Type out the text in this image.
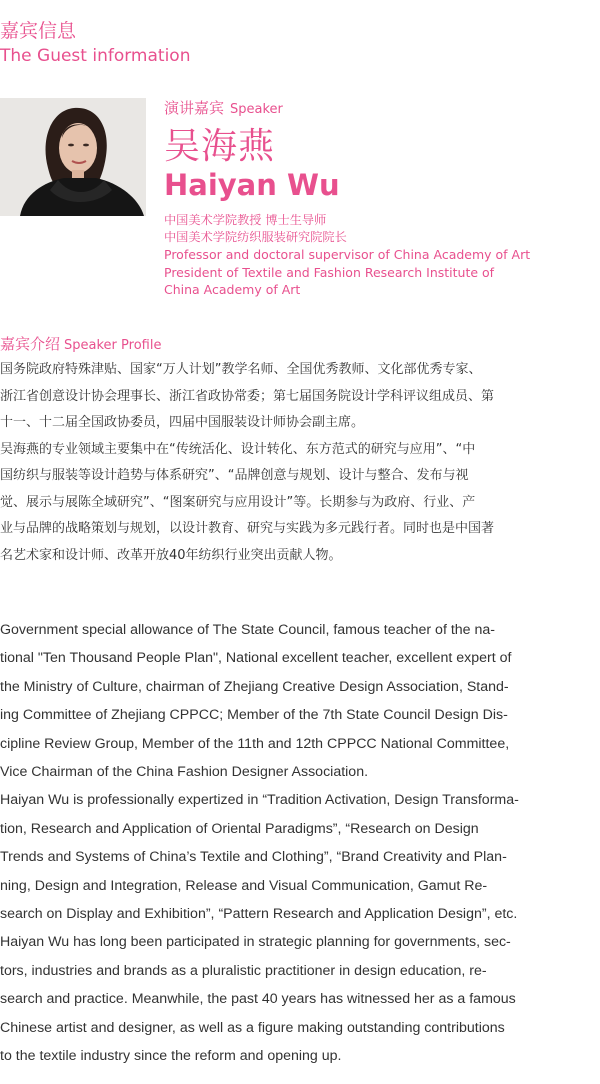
嘉宾信息
The Guest information
演讲嘉宾 Speaker
吴海燕
Haiyan Wu
中国美术学院教授 博士生导师
中国美术学院纺织服装研究院院长
Professor and doctoral supervisor of China Academy of Art
President of Textile and Fashion Research Institute of
China Academy of Art
嘉宾介绍 Speaker Profile
国务院政府特殊津贴、国家“万人计划”教学名师、全国优秀教师、文化部优秀专家、
浙江省创意设计协会理事长、浙江省政协常委；第七届国务院设计学科评议组成员、第
十一、十二届全国政协委员，四届中国服装设计师协会副主席。
吴海燕的专业领域主要集中在“传统活化、设计转化、东方范式的研究与应用”、“中
国纺织与服装等设计趋势与体系研究”、“品牌创意与规划、设计与整合、发布与视
觉、展示与展陈全域研究”、“图案研究与应用设计”等。长期参与为政府、行业、产
业与品牌的战略策划与规划，以设计教育、研究与实践为多元践行者。同时也是中国著
名艺术家和设计师、改革开放40年纺织行业突出贡献人物。
Government special allowance of The State Council, famous teacher of the na-
tional "Ten Thousand People Plan", National excellent teacher, excellent expert of
the Ministry of Culture, chairman of Zhejiang Creative Design Association, Stand-
ing Committee of Zhejiang CPPCC; Member of the 7th State Council Design Dis-
cipline Review Group, Member of the 11th and 12th CPPCC National Committee,
Vice Chairman of the China Fashion Designer Association.
Haiyan Wu is professionally expertized in “Tradition Activation, Design Transforma-
tion, Research and Application of Oriental Paradigms”, “Research on Design
Trends and Systems of China’s Textile and Clothing”, “Brand Creativity and Plan-
ning, Design and Integration, Release and Visual Communication, Gamut Re-
search on Display and Exhibition”, “Pattern Research and Application Design”, etc.
Haiyan Wu has long been participated in strategic planning for governments, sec-
tors, industries and brands as a pluralistic practitioner in design education, re-
search and practice. Meanwhile, the past 40 years has witnessed her as a famous
Chinese artist and designer, as well as a figure making outstanding contributions
to the textile industry since the reform and opening up.
